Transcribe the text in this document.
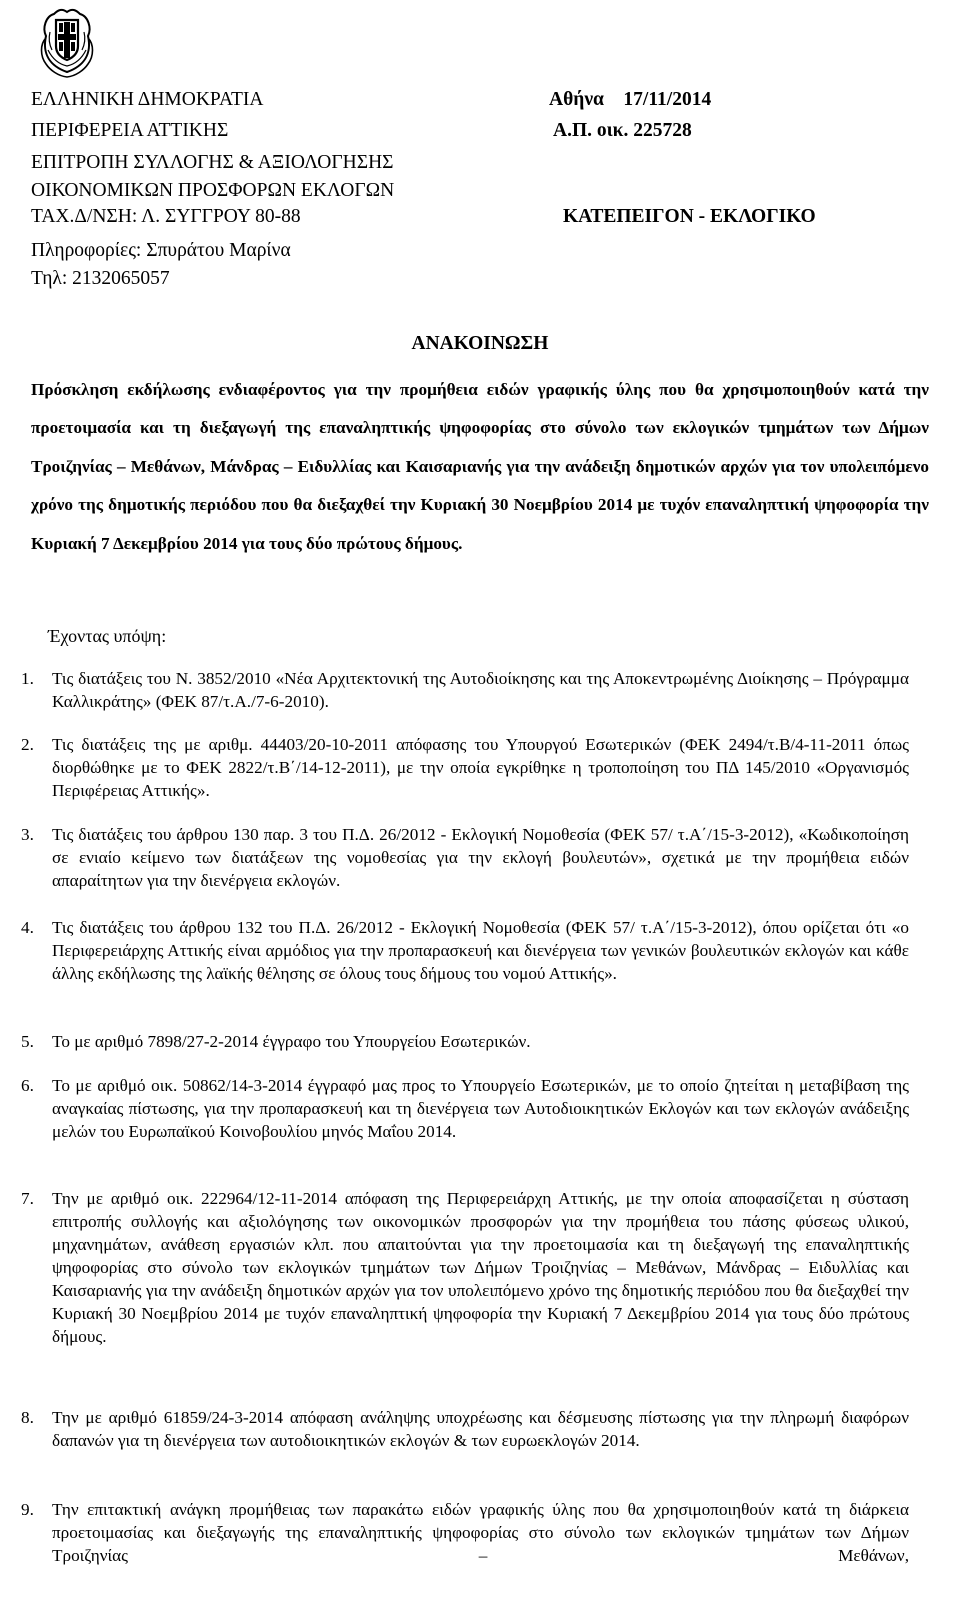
ΕΛΛΗΝΙΚΗ ΔΗΜΟΚΡΑΤΙΑ
ΠΕΡΙΦΕΡΕΙΑ ΑΤΤΙΚΗΣ
ΕΠΙΤΡΟΠΗ ΣΥΛΛΟΓΗΣ & ΑΞΙΟΛΟΓΗΣΗΣ
ΟΙΚΟΝΟΜΙΚΩΝ ΠΡΟΣΦΟΡΩΝ ΕΚΛΟΓΩΝ
ΤΑΧ.Δ/ΝΣΗ: Λ. ΣΥΓΓΡΟΥ 80-88
Πληροφορίες: Σπυράτου Μαρίνα
Τηλ: 2132065057
Αθήνα    17/11/2014
Α.Π. οικ. 225728
ΚΑΤΕΠΕΙΓΟΝ - ΕΚΛΟΓΙΚΟ
ΑΝΑΚΟΙΝΩΣΗ
Πρόσκληση εκδήλωσης ενδιαφέροντος για την προμήθεια ειδών γραφικής ύλης που θα χρησιμοποιηθούν κατά την προετοιμασία και τη διεξαγωγή της επαναληπτικής ψηφοφορίας στο σύνολο των εκλογικών τμημάτων των Δήμων Τροιζηνίας – Μεθάνων, Μάνδρας – Ειδυλλίας και Καισαριανής για την ανάδειξη δημοτικών αρχών για τον υπολειπόμενο χρόνο της δημοτικής περιόδου που θα διεξαχθεί την Κυριακή 30 Νοεμβρίου 2014 με τυχόν επαναληπτική ψηφοφορία την Κυριακή 7 Δεκεμβρίου 2014 για τους δύο πρώτους δήμους.
Έχοντας υπόψη:
1.	Τις διατάξεις του Ν. 3852/2010 «Νέα Αρχιτεκτονική της Αυτοδιοίκησης και της Αποκεντρωμένης Διοίκησης – Πρόγραμμα Καλλικράτης» (ΦΕΚ 87/τ.Α./7-6-2010).
2.	Τις διατάξεις της με αριθμ. 44403/20-10-2011 απόφασης του Υπουργού Εσωτερικών (ΦΕΚ 2494/τ.Β/4-11-2011 όπως διορθώθηκε με το ΦΕΚ 2822/τ.Β΄/14-12-2011), με την οποία εγκρίθηκε η τροποποίηση του ΠΔ 145/2010 «Οργανισμός Περιφέρειας Αττικής».
3.	Τις διατάξεις του άρθρου 130 παρ. 3 του Π.Δ. 26/2012 - Εκλογική Νομοθεσία (ΦΕΚ 57/ τ.Α΄/15-3-2012), «Κωδικοποίηση σε ενιαίο κείμενο των διατάξεων της νομοθεσίας για την εκλογή βουλευτών», σχετικά με την προμήθεια ειδών απαραίτητων για την διενέργεια εκλογών.
4.	Τις διατάξεις του άρθρου 132 του Π.Δ. 26/2012 - Εκλογική Νομοθεσία (ΦΕΚ 57/ τ.Α΄/15-3-2012), όπου ορίζεται ότι «ο Περιφερειάρχης Αττικής είναι αρμόδιος για την προπαρασκευή και διενέργεια των γενικών βουλευτικών εκλογών και κάθε άλλης εκδήλωσης της λαϊκής θέλησης σε όλους τους δήμους του νομού Αττικής».
5.	Το με αριθμό 7898/27-2-2014 έγγραφο του Υπουργείου Εσωτερικών.
6.	Το με αριθμό οικ. 50862/14-3-2014 έγγραφό μας προς το Υπουργείο Εσωτερικών, με το οποίο ζητείται η μεταβίβαση της αναγκαίας πίστωσης, για την προπαρασκευή και τη διενέργεια των Αυτοδιοικητικών Εκλογών και των εκλογών ανάδειξης μελών του Ευρωπαϊκού Κοινοβουλίου μηνός Μαΐου 2014.
7.	Την με αριθμό οικ. 222964/12-11-2014 απόφαση της Περιφερειάρχη Αττικής, με την οποία αποφασίζεται η σύσταση επιτροπής συλλογής και αξιολόγησης των οικονομικών προσφορών για την προμήθεια του πάσης φύσεως υλικού, μηχανημάτων, ανάθεση εργασιών κλπ. που απαιτούνται για την προετοιμασία και τη διεξαγωγή της επαναληπτικής ψηφοφορίας στο σύνολο των εκλογικών τμημάτων των Δήμων Τροιζηνίας – Μεθάνων, Μάνδρας – Ειδυλλίας και Καισαριανής για την ανάδειξη δημοτικών αρχών για τον υπολειπόμενο χρόνο της δημοτικής περιόδου που θα διεξαχθεί την Κυριακή 30 Νοεμβρίου 2014 με τυχόν επαναληπτική ψηφοφορία την Κυριακή 7 Δεκεμβρίου 2014 για τους δύο πρώτους δήμους.
8.	Την με αριθμό 61859/24-3-2014 απόφαση ανάληψης υποχρέωσης και δέσμευσης πίστωσης για την πληρωμή διαφόρων δαπανών για τη διενέργεια των αυτοδιοικητικών εκλογών & των ευρωεκλογών 2014.
9.	Την επιτακτική ανάγκη προμήθειας των παρακάτω ειδών γραφικής ύλης που θα χρησιμοποιηθούν κατά τη διάρκεια προετοιμασίας και διεξαγωγής της επαναληπτικής ψηφοφορίας στο σύνολο των εκλογικών τμημάτων των Δήμων Τροιζηνίας – Μεθάνων,
